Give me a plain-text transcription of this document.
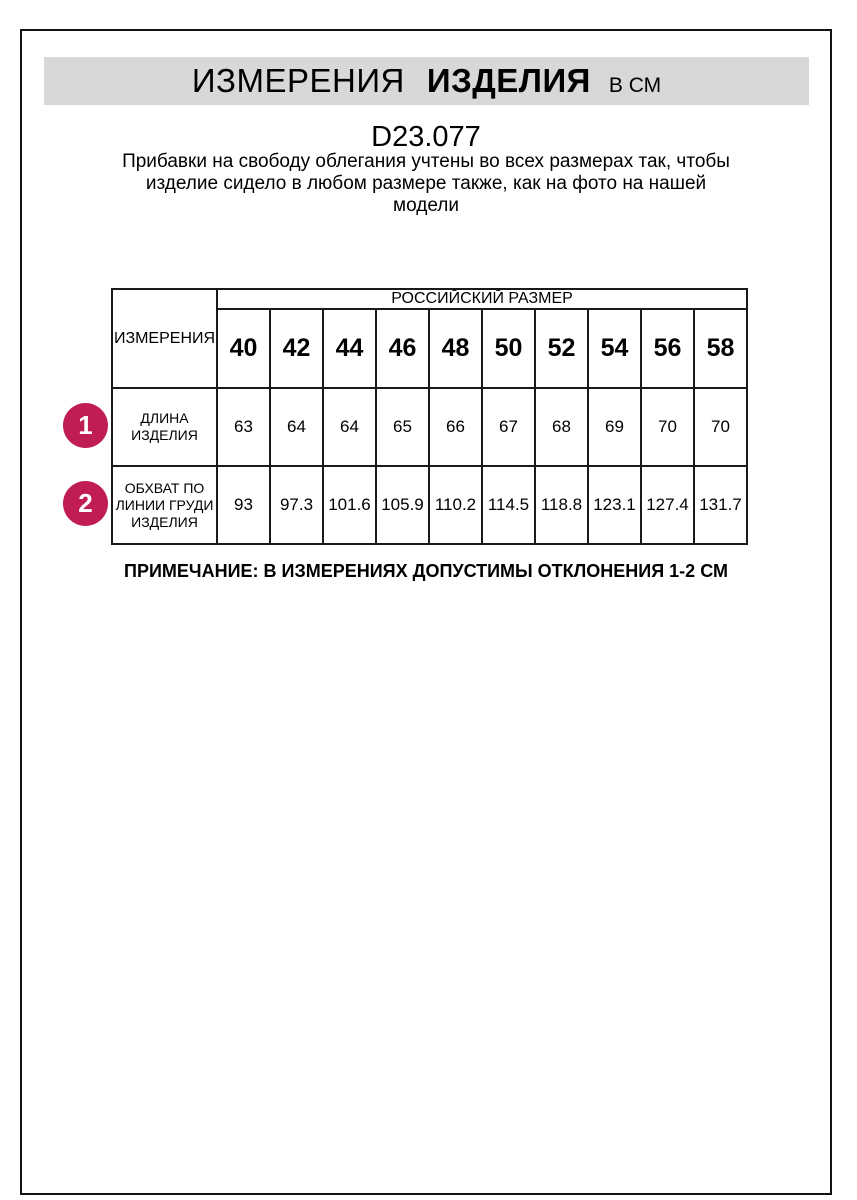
ИЗМЕРЕНИЯ ИЗДЕЛИЯ В СМ
D23.077
Прибавки на свободу облегания учтены во всех размерах так, чтобы
изделие сидело в любом размере также, как на фото на нашей
модели
ИЗМЕРЕНИЯ	РОССИЙСКИЙ РАЗМЕР									
	40	42	44	46	48	50	52	54	56	58
ДЛИНА ИЗДЕЛИЯ	63	64	64	65	66	67	68	69	70	70
ОБХВАТ ПО ЛИНИИ ГРУДИ ИЗДЕЛИЯ	93	97.3	101.6	105.9	110.2	114.5	118.8	123.1	127.4	131.7
1
2
ПРИМЕЧАНИЕ: В ИЗМЕРЕНИЯХ ДОПУСТИМЫ ОТКЛОНЕНИЯ 1-2 СМ
